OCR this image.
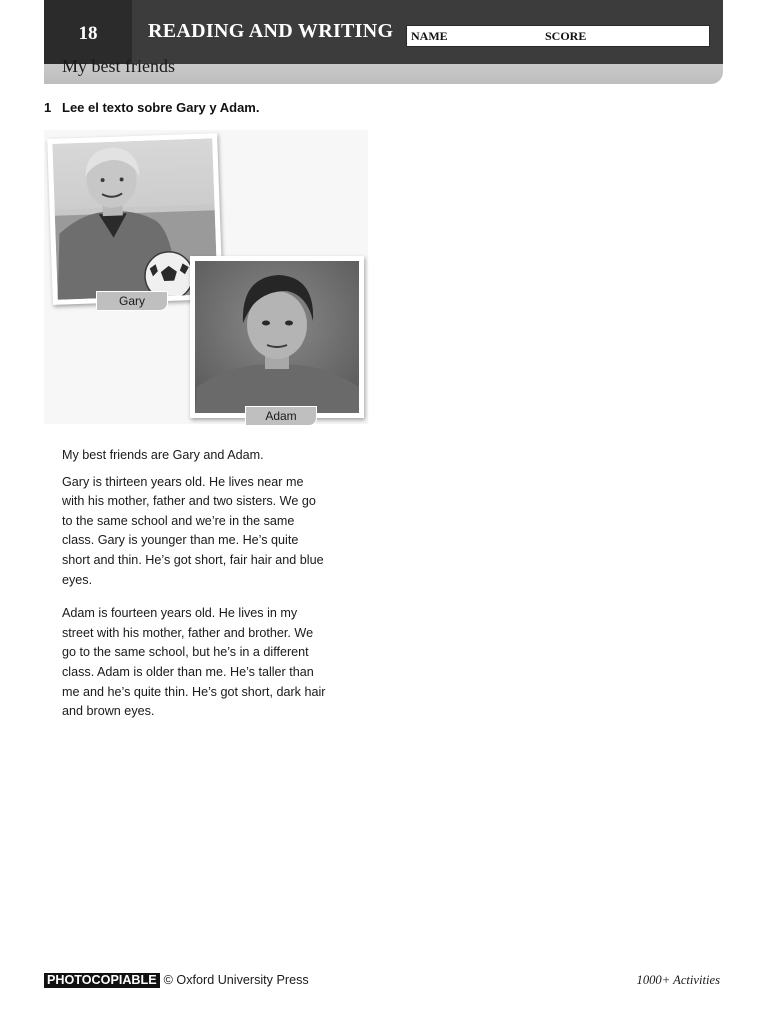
18	READING AND WRITING NAME	SCORE
My best friends
1 Lee el texto sobre Gary y Adam.
Gary
Adam

My best friends are Gary and Adam.

Gary is thirteen years old. He lives near me with his mother, father and two sisters. We go to the same school and we’re in the same class. Gary is younger than me. He’s quite short and thin. He’s got short, fair hair and blue eyes.

Adam is fourteen years old. He lives in my street with his mother, father and brother. We go to the same school, but he’s in a different class. Adam is older than me. He’s taller than me and he’s quite thin. He’s got short, dark hair and brown eyes.

PHOTOCOPIABLE © Oxford University Press	1000+ Activities
